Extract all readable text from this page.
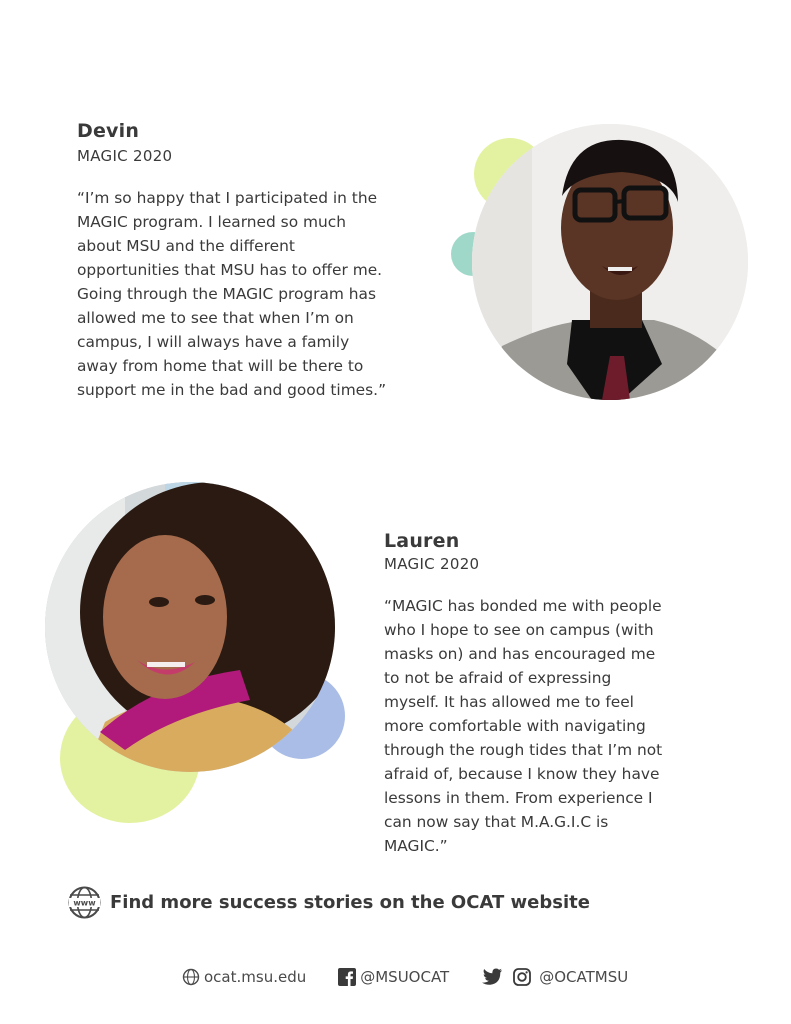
Devin

MAGIC 2020

“I’m so happy that I participated in the

MAGIC program. I learned so much

about MSU and the different

opportunities that MSU has to offer me.

Going through the MAGIC program has

allowed me to see that when I’m on

campus, I will always have a family

away from home that will be there to

support me in the bad and good times.”

Lauren

MAGIC 2020

“MAGIC has bonded me with people

who I hope to see on campus (with

masks on) and has encouraged me

to not be afraid of expressing

myself. It has allowed me to feel

more comfortable with navigating

through the rough tides that I’m not

afraid of, because I know they have

lessons in them. From experience I

can now say that M.A.G.I.C is

MAGIC.”

www Find more success stories on the OCAT website
ocat.msu.edu	@MSUOCAT	@OCATMSU
